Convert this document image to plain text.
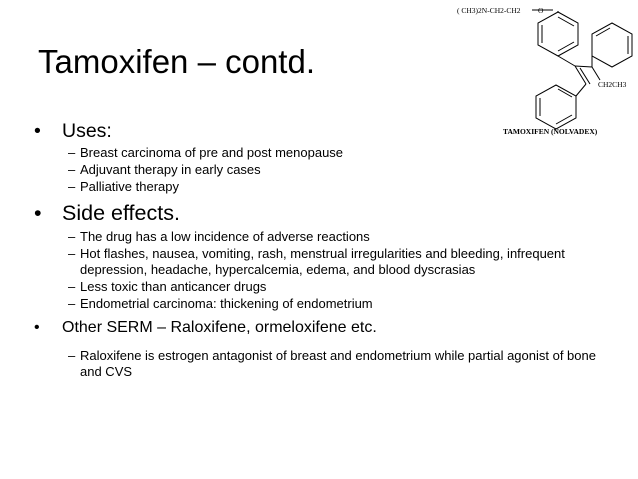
Tamoxifen – contd.
( CH3)2N-CH2-CH2 O
CH2CH3
TAMOXIFEN (NOLVADEX)
•	Uses:
– Breast carcinoma of pre and post menopause
– Adjuvant therapy in early cases
– Palliative therapy
• Side effects.
– The drug has a low incidence of adverse reactions
– Hot flashes, nausea, vomiting, rash, menstrual irregularities and bleeding, infrequent depression, headache, hypercalcemia, edema, and blood dyscrasias
– Less toxic than anticancer drugs
– Endometrial carcinoma: thickening of endometrium
•	Other SERM – Raloxifene, ormeloxifene etc.
– Raloxifene is estrogen antagonist of breast and endometrium while partial agonist of bone and CVS
